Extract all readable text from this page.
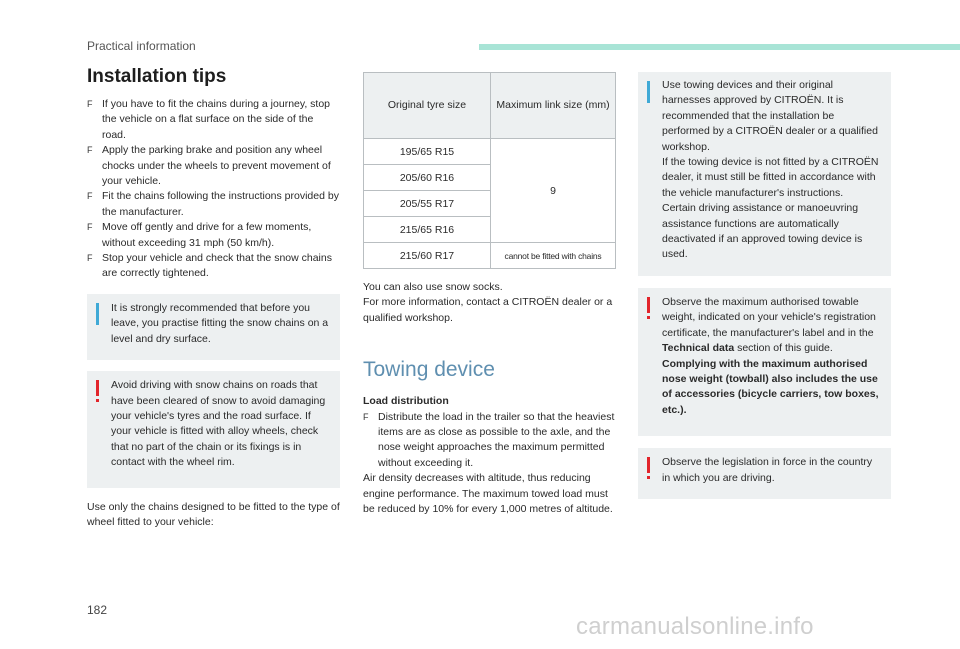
Practical information
Installation tips
F If you have to fit the chains during a journey, stop the vehicle on a flat surface on the side of the road.
F Apply the parking brake and position any wheel chocks under the wheels to prevent movement of your vehicle.
F Fit the chains following the instructions provided by the manufacturer.
F Move off gently and drive for a few moments, without exceeding 31 mph (50 km/h).
F Stop your vehicle and check that the snow chains are correctly tightened.

It is strongly recommended that before you leave, you practise fitting the snow chains on a level and dry surface.

Avoid driving with snow chains on roads that have been cleared of snow to avoid damaging your vehicle's tyres and the road surface. If your vehicle is fitted with alloy wheels, check that no part of the chain or its fixings is in contact with the wheel rim.

Use only the chains designed to be fitted to the type of wheel fitted to your vehicle:

Original tyre size	Maximum link size (mm)
195/65 R15	9
205/60 R16	
205/55 R17	
215/65 R16	
215/60 R17	cannot be fitted with chains

You can also use snow socks.

For more information, contact a CITROËN dealer or a qualified workshop.

Towing device

Load distribution

F Distribute the load in the trailer so that the heaviest items are as close as possible to the axle, and the nose weight approaches the maximum permitted without exceeding it.

Air density decreases with altitude, thus reducing engine performance. The maximum towed load must be reduced by 10% for every 1,000 metres of altitude.

Use towing devices and their original harnesses approved by CITROËN. It is recommended that the installation be performed by a CITROËN dealer or a qualified workshop.

If the towing device is not fitted by a CITROËN dealer, it must still be fitted in accordance with the vehicle manufacturer's instructions.

Certain driving assistance or manoeuvring assistance functions are automatically deactivated if an approved towing device is used.

Observe the maximum authorised towable weight, indicated on your vehicle's registration certificate, the manufacturer's label and in the Technical data section of this guide.

Complying with the maximum authorised nose weight (towball) also includes the use of accessories (bicycle carriers, tow boxes, etc.).

Observe the legislation in force in the country in which you are driving.

182
carmanualsonline.info
